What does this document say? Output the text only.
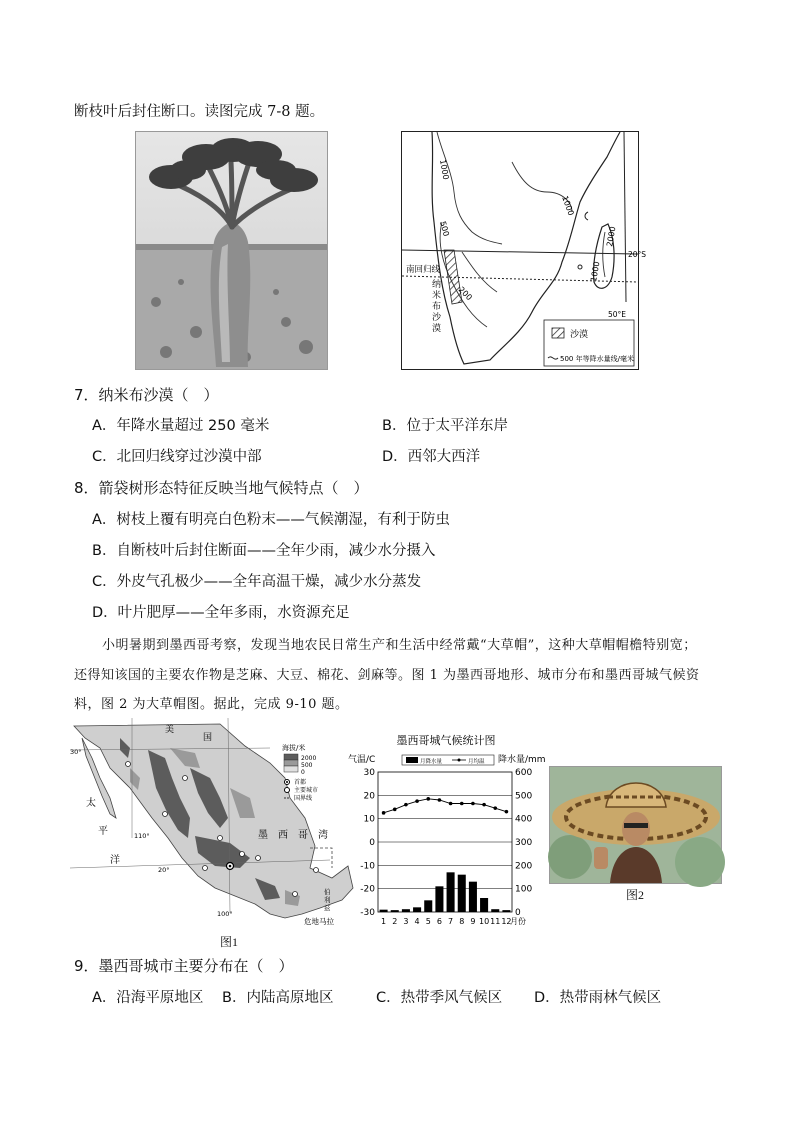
断枝叶后封住断口。读图完成 7-8 题。
1000
1000
500
200
2000
1000
南回归线
20°S
50°E
纳米布沙漠
沙漠
500 年等降水量线/毫米
7．纳米布沙漠（　）
A．年降水量超过 250 毫米	B．位于太平洋东岸
C．北回归线穿过沙漠中部	D．西邻大西洋
8．箭袋树形态特征反映当地气候特点（　）
A．树枝上覆有明亮白色粉末——气候潮湿，有利于防虫
B．自断枝叶后封住断面——全年少雨，减少水分摄入
C．外皮气孔极少——全年高温干燥，减少水分蒸发
D．叶片肥厚——全年多雨，水资源充足
小明暑期到墨西哥考察，发现当地农民日常生产和生活中经常戴“大草帽”，这种大草帽帽檐特别宽；
还得知该国的主要农作物是芝麻、大豆、棉花、剑麻等。图 1 为墨西哥地形、城市分布和墨西哥城气候资
料，图 2 为大草帽图。据此，完成 9-10 题。
美
国
太
平
洋
墨　西　哥　湾
危地马拉
30°
110°
20°
100°
伯利兹
海拔/米
2000
500
0
首都
主要城市
国界线
图1
墨西哥城气候统计图
气温/C	降水量/mm
30
20
10
0
-10
-20
-30
600
500
400
300
200
100
0
1 2 3 4 5 6 7 8 9 10 11 12
月份
月降水量	月均温
图2
9．墨西哥城市主要分布在（　）
A．沿海平原地区 B．内陆高原地区	C．热带季风气候区 D．热带雨林气候区
